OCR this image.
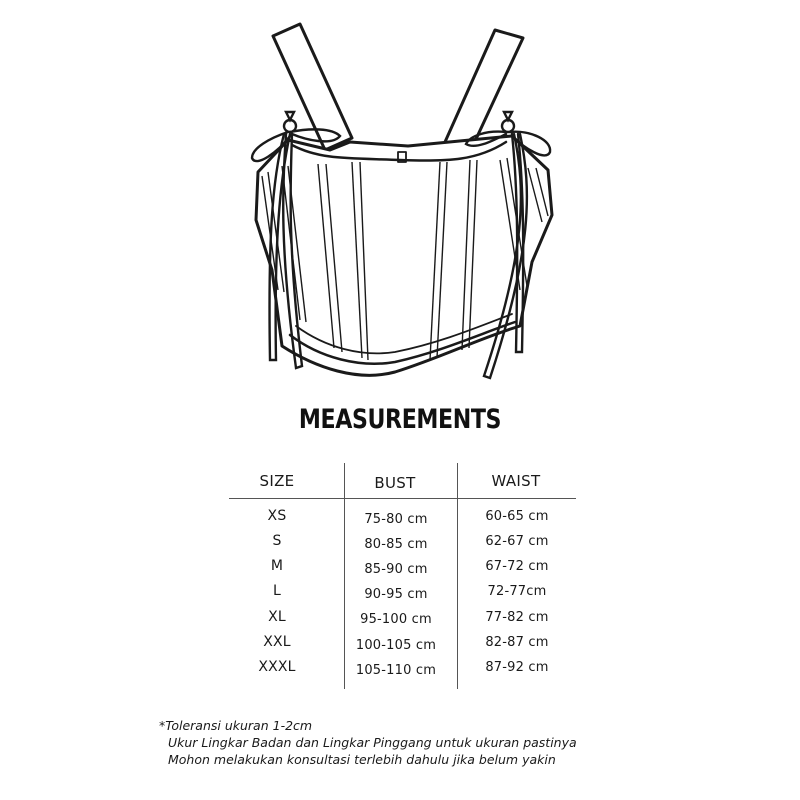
MEASUREMENTS
SIZE	BUST	WAIST
XS	75-80 cm	60-65 cm
S	80-85 cm	62-67 cm
M	85-90 cm	67-72 cm
L	90-95 cm	72-77cm
XL	95-100 cm	77-82 cm
XXL	100-105 cm	82-87 cm
XXXL	105-110 cm	87-92 cm
*Toleransi ukuran 1-2cm
Ukur Lingkar Badan dan Lingkar Pinggang untuk ukuran pastinya
Mohon melakukan konsultasi terlebih dahulu jika belum yakin
